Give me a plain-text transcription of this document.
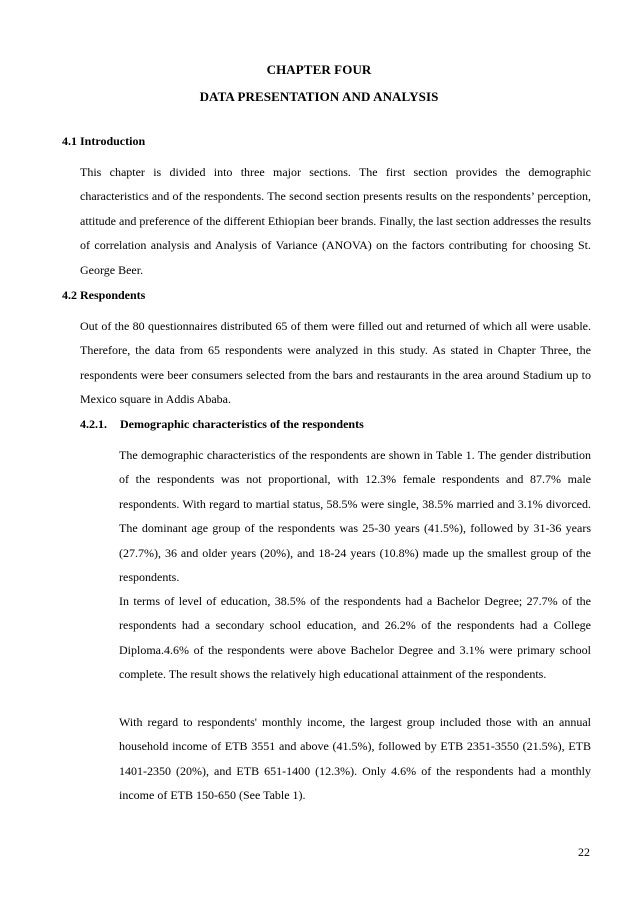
CHAPTER FOUR
DATA PRESENTATION AND ANALYSIS
4.1 Introduction
This chapter is divided into three major sections. The first section provides the demographic characteristics and of the respondents. The second section presents results on the respondents’ perception, attitude and preference of the different Ethiopian beer brands. Finally, the last section addresses the results of correlation analysis and Analysis of Variance (ANOVA) on the factors contributing for choosing St. George Beer.
4.2 Respondents
Out of the 80 questionnaires distributed 65 of them were filled out and returned of which all were usable. Therefore, the data from 65 respondents were analyzed in this study. As stated in Chapter Three, the respondents were beer consumers selected from the bars and restaurants in the area around Stadium up to Mexico square in Addis Ababa.
4.2.1. Demographic characteristics of the respondents
The demographic characteristics of the respondents are shown in Table 1. The gender distribution of the respondents was not proportional, with 12.3% female respondents and 87.7% male respondents. With regard to martial status, 58.5% were single, 38.5% married and 3.1% divorced. The dominant age group of the respondents was 25-30 years (41.5%), followed by 31-36 years (27.7%), 36 and older years (20%), and 18-24 years (10.8%) made up the smallest group of the respondents.
In terms of level of education, 38.5% of the respondents had a Bachelor Degree; 27.7% of the respondents had a secondary school education, and 26.2% of the respondents had a College Diploma.4.6% of the respondents were above Bachelor Degree and 3.1% were primary school complete. The result shows the relatively high educational attainment of the respondents.
With regard to respondents' monthly income, the largest group included those with an annual household income of ETB 3551 and above (41.5%), followed by ETB 2351-3550 (21.5%), ETB 1401-2350 (20%), and ETB 651-1400 (12.3%). Only 4.6% of the respondents had a monthly income of ETB 150-650 (See Table 1).
22
